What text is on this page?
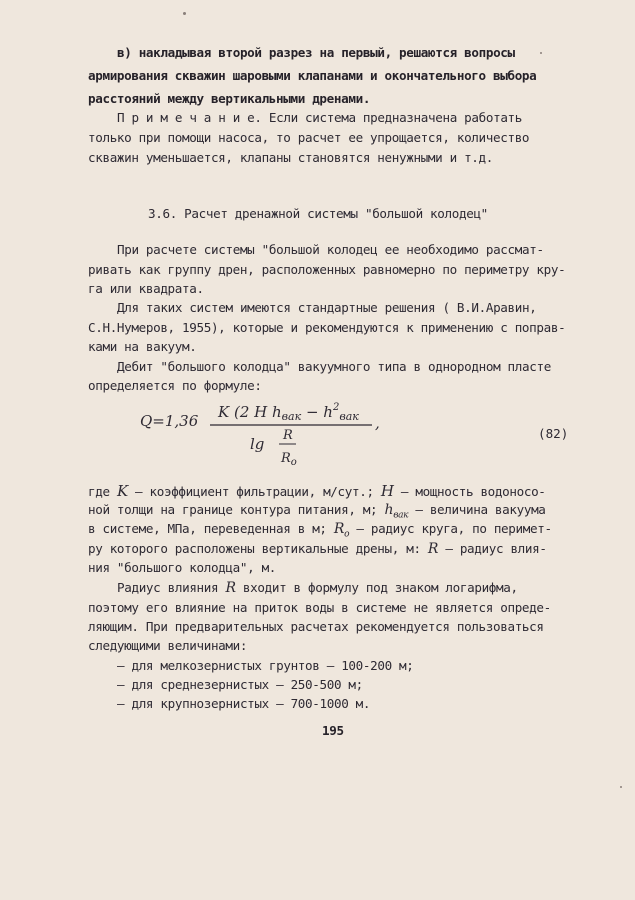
в) накладывая второй разрез на первый, решаются вопросы
армирования скважин шаровыми клапанами и окончательного выбора
расстояний между вертикальными дренами.
П р и м е ч а н и е. Если система предназначена работать
только при помощи насоса, то расчет ее упрощается, количество
скважин уменьшается, клапаны становятся ненужными и т.д.
3.6. Расчет дренажной системы "большой колодец"
При расчете системы "большой колодец ее необходимо рассмат-
ривать как группу дрен, расположенных равномерно по периметру кру-
га или квадрата.
Для таких систем имеются стандартные решения ( В.И.Аравин,
С.Н.Нумеров, 1955), которые и рекомендуются к применению с поправ-
ками на вакуум.
Дебит "большого колодца" вакуумного типа в однородном пласте
определяется по формуле:
Q=1,36 K (2 H $h_{вак} - h^2_{вак}$ ,
lg R
$R_o$
(82)
где K – коэффициент фильтрации, м/сут.; H – мощность водоносо-
ной толщи на границе контура питания, м; $h_{вак}$ – величина вакуума
в системе, МПа, переведенная в м; $R_o$ – радиус круга, по перимет-
ру которого расположены вертикальные дрены, м: R – радиус влия-
ния "большого колодца", м.
Радиус влияния R входит в формулу под знаком логарифма,
поэтому его влияние на приток воды в системе не является опреде-
ляющим. При предварительных расчетах рекомендуется пользоваться
следующими величинами:
– для мелкозернистых грунтов – 100-200 м;
– для среднезернистых – 250-500 м;
– для крупнозернистых – 700-1000 м.
195
